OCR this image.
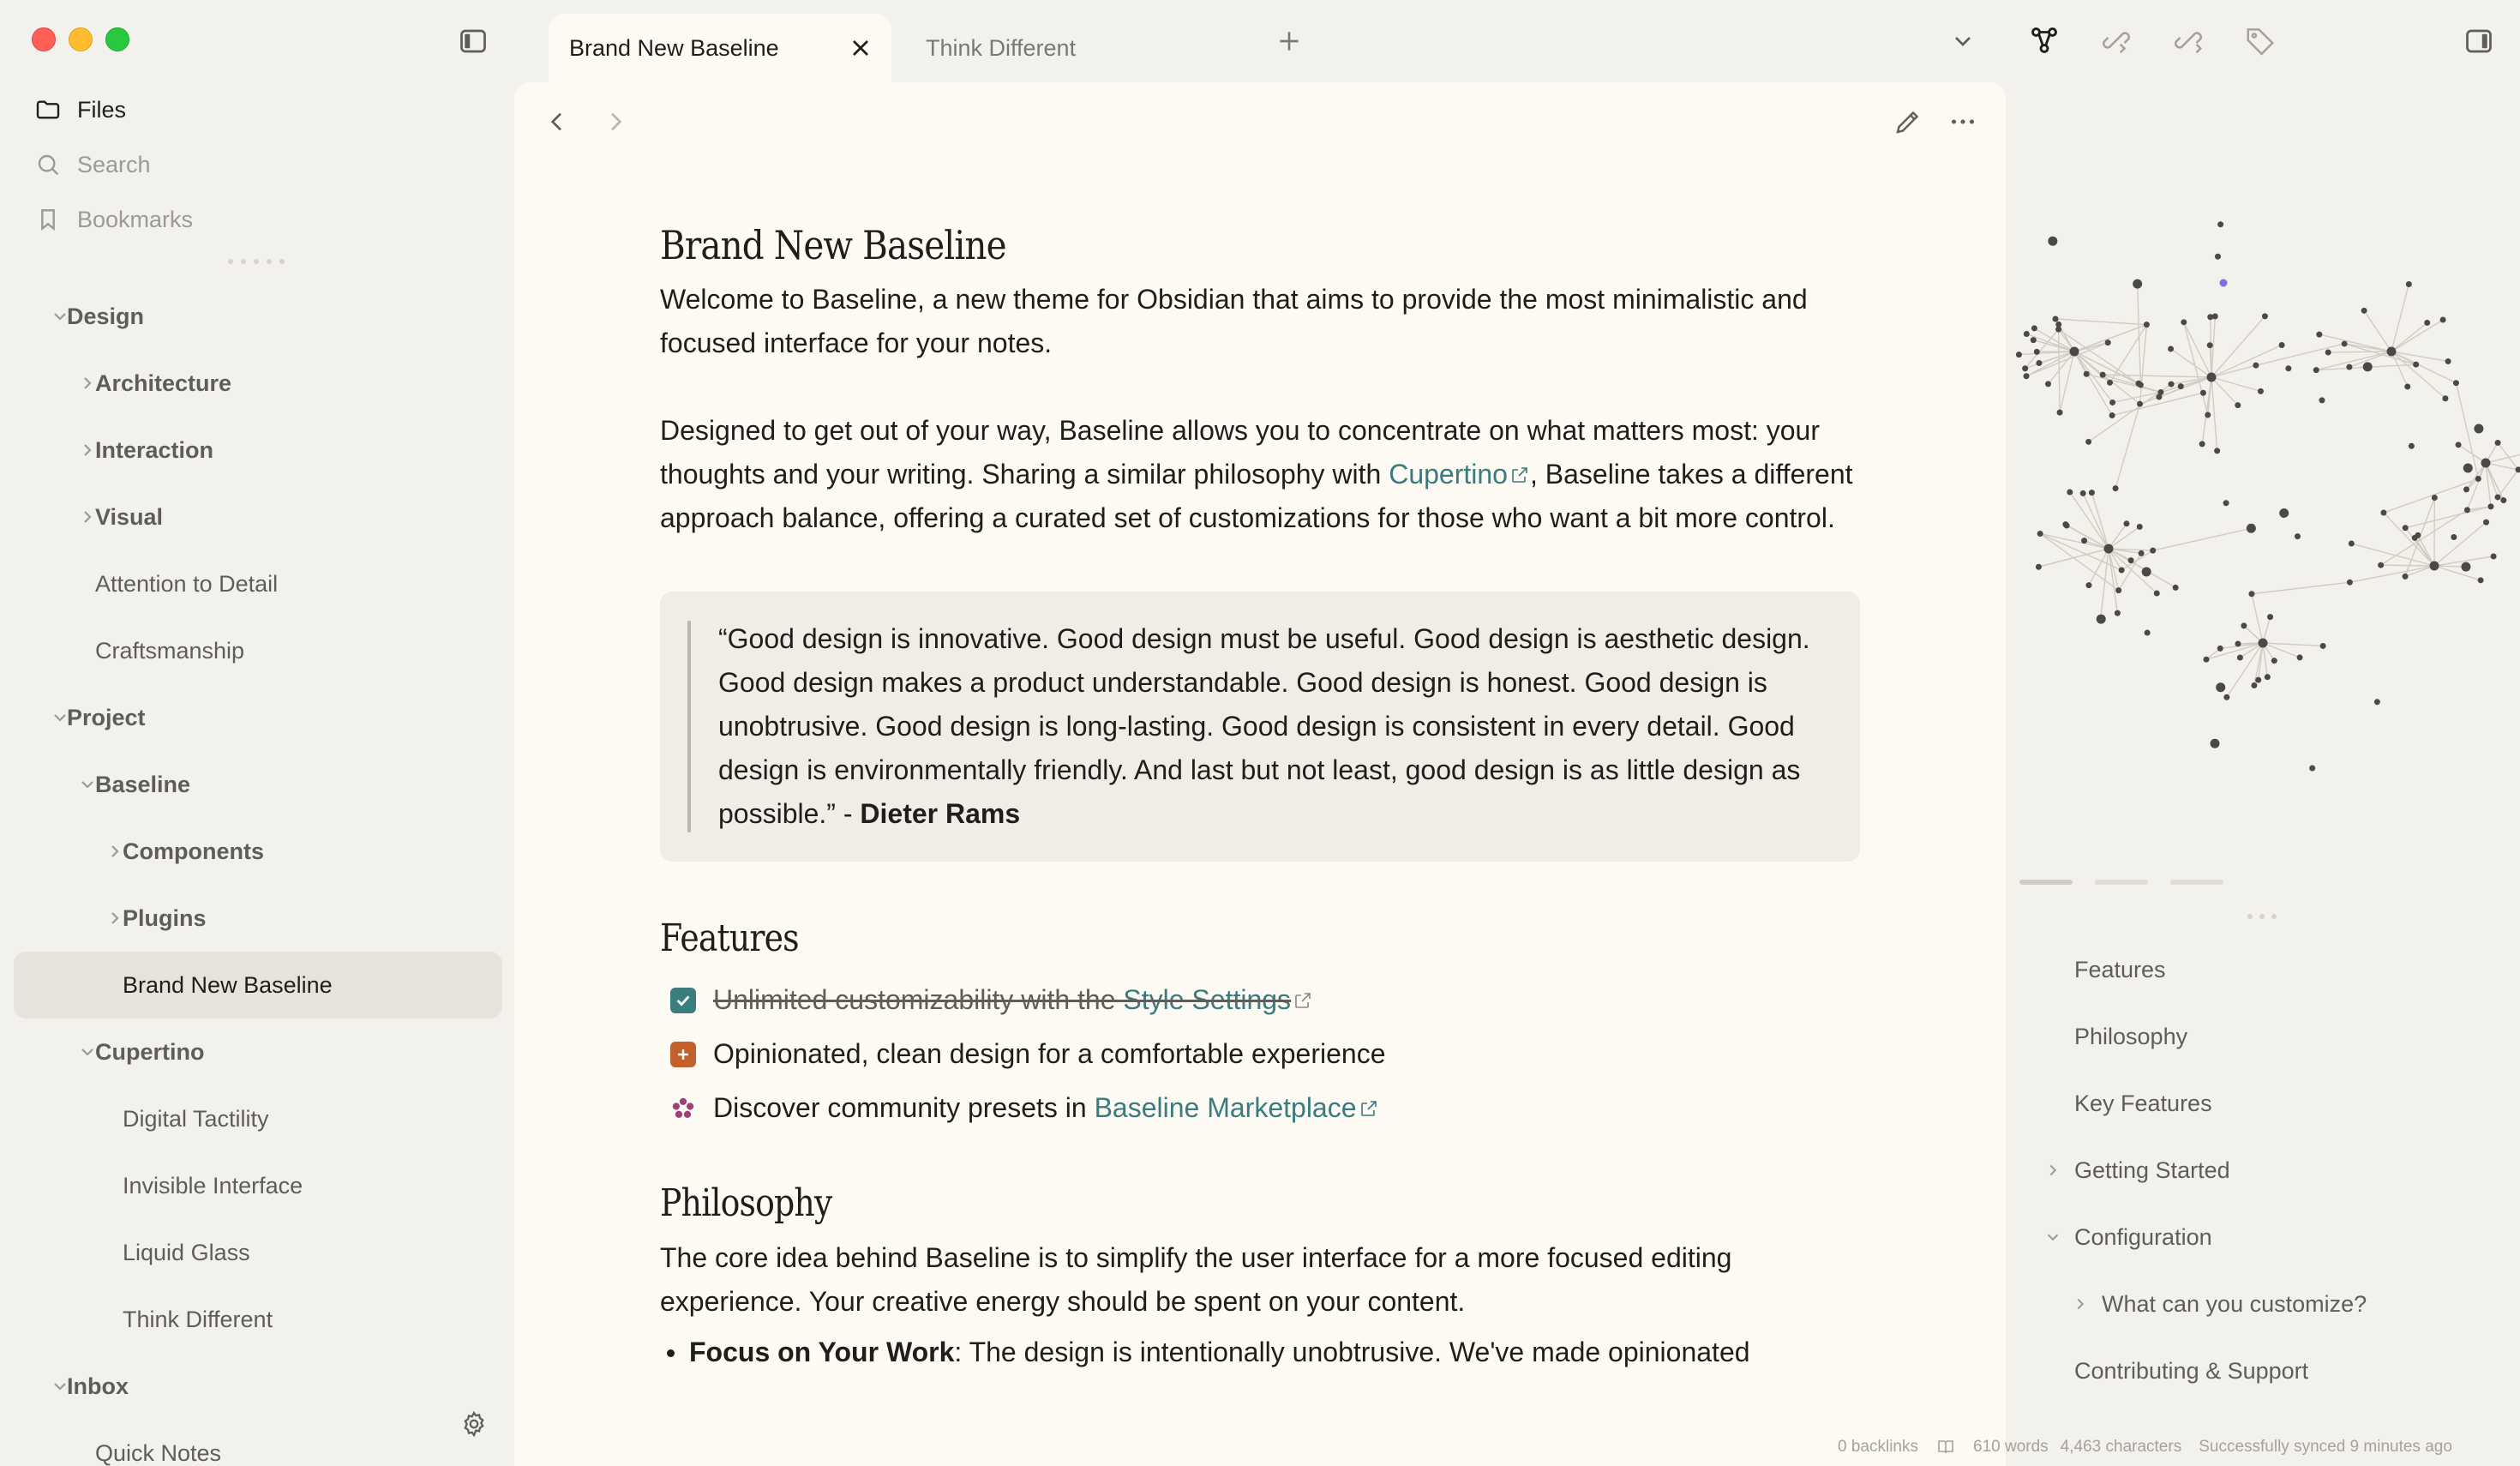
Files
Search
Bookmarks
Design
Architecture
Interaction
Visual
Attention to Detail
Craftsmanship
Project
Baseline
Components
Plugins
Brand New Baseline
Cupertino
Digital Tactility
Invisible Interface
Liquid Glass
Think Different
Inbox
Quick Notes
Brand New Baseline	Think Different
Brand New Baseline
Welcome to Baseline, a new theme for Obsidian that aims to provide the most minimalistic and focused interface for your notes.
Designed to get out of your way, Baseline allows you to concentrate on what matters most: your thoughts and your writing. Sharing a similar philosophy with Cupertino , Baseline takes a different approach balance, offering a curated set of customizations for those who want a bit more control.
“Good design is innovative. Good design must be useful. Good design is aesthetic design. Good design makes a product understandable. Good design is honest. Good design is unobtrusive. Good design is long-lasting. Good design is consistent in every detail. Good design is environmentally friendly. And last but not least, good design is as little design as possible.” - Dieter Rams
Features
Unlimited customizability with the Style Settings
Opinionated, clean design for a comfortable experience
Discover community presets in Baseline Marketplace
Philosophy
The core idea behind Baseline is to simplify the user interface for a more focused editing experience. Your creative energy should be spent on your content.
Focus on Your Work: The design is intentionally unobtrusive. We've made opinionated
Features
Philosophy
Key Features
Getting Started
Configuration
What can you customize?
Contributing & Support
0 backlinks	610 words 4,463 characters Successfully synced 9 minutes ago
